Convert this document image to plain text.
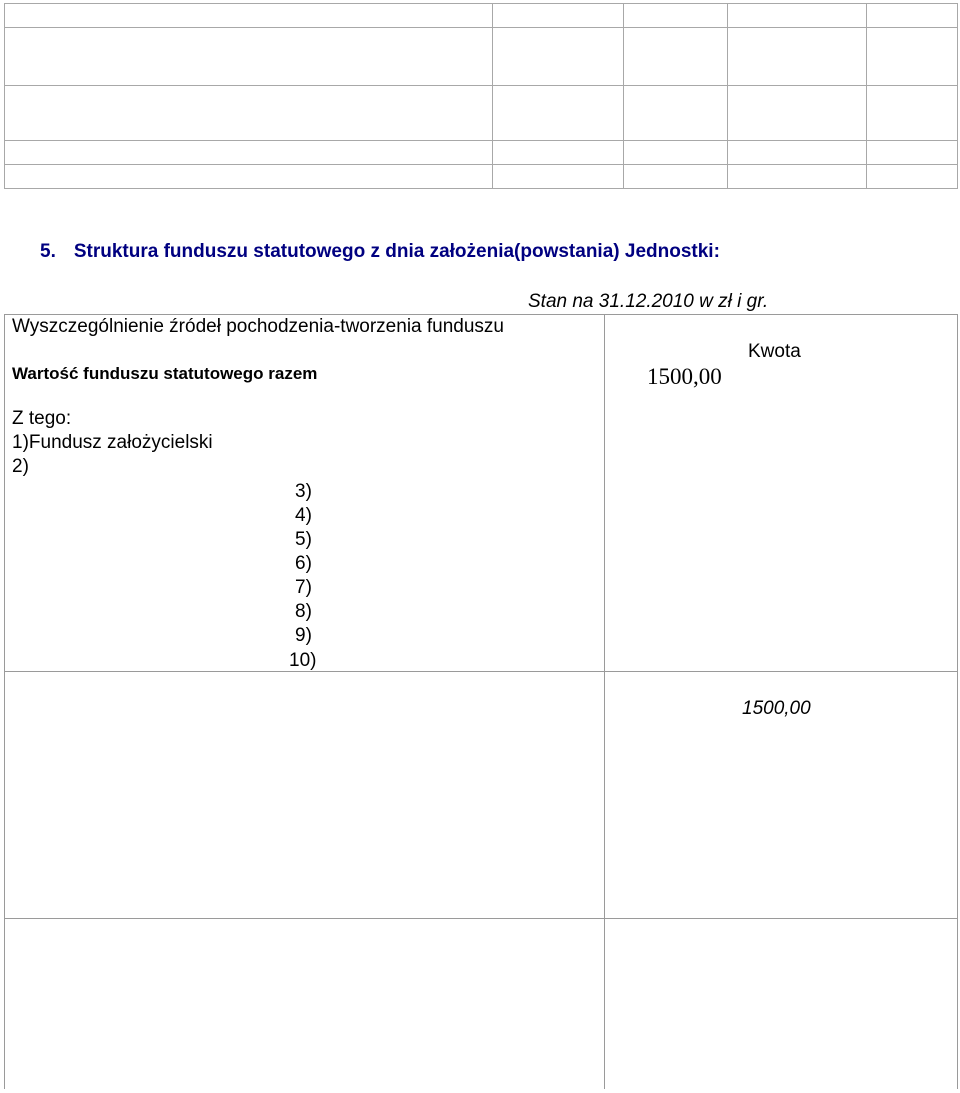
5. Struktura funduszu statutowego z dnia założenia(powstania) Jednostki:
Stan na 31.12.2010 w zł i gr.
Wyszczególnienie źródeł pochodzenia-tworzenia funduszu
Kwota
Wartość funduszu statutowego razem	1500,00
Z tego:
1)Fundusz założycielski
2)
3)
4)
5)
6)
7)
8)
9)
10)
1500,00
